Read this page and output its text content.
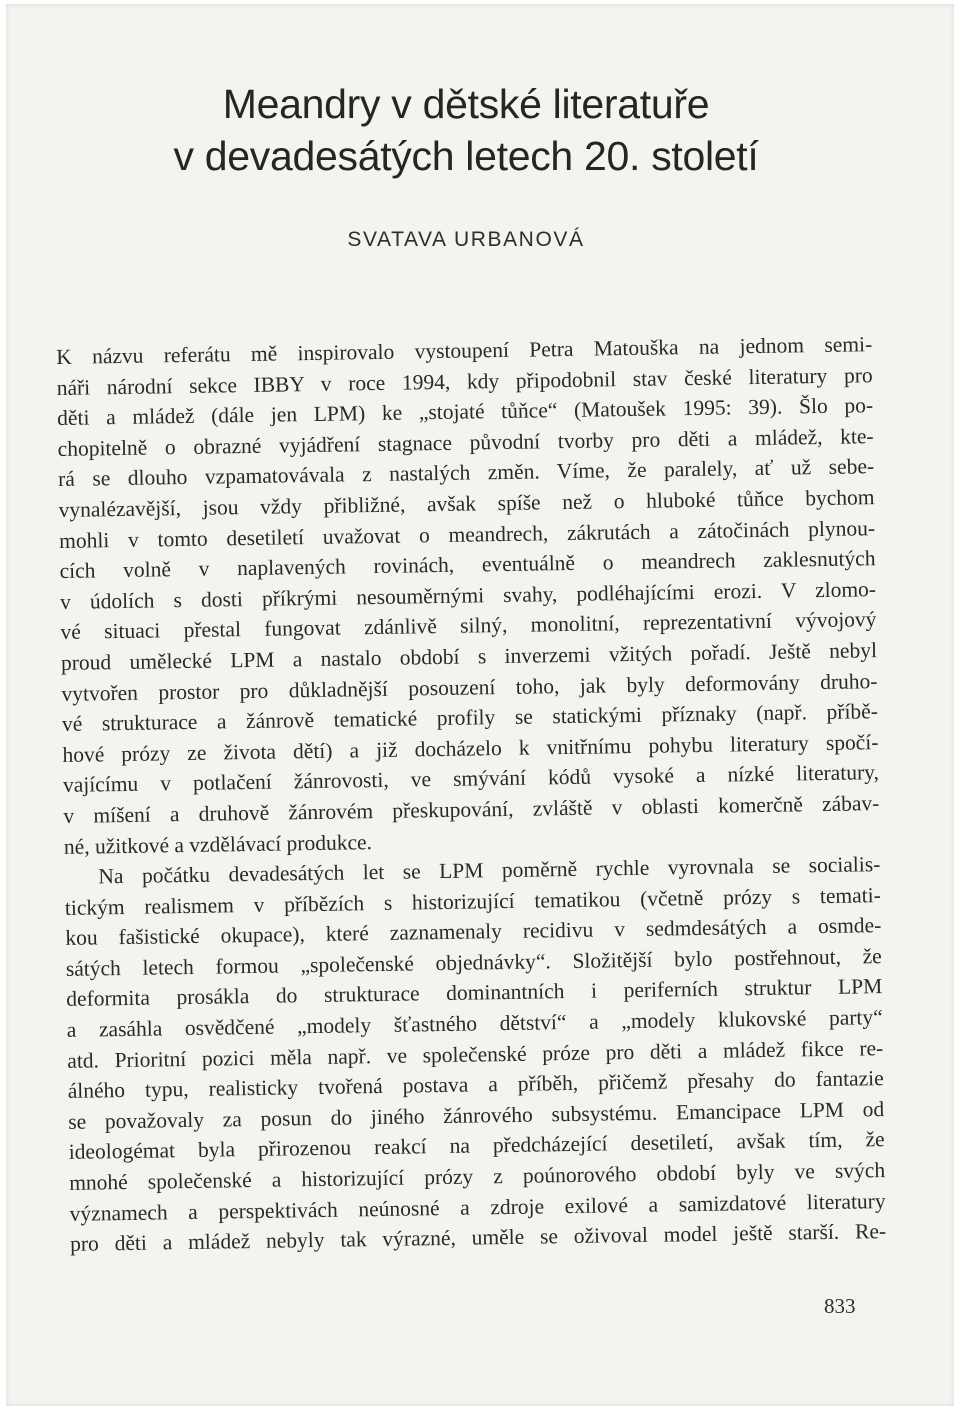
Meandry v dětské literatuře
v devadesátých letech 20. století
SVATAVA URBANOVÁ
K názvu referátu mě inspirovalo vystoupení Petra Matouška na jednom semi-
náři národní sekce IBBY v roce 1994, kdy připodobnil stav české literatury pro
děti a mládež (dále jen LPM) ke „stojaté tůňce“ (Matoušek 1995: 39). Šlo po-
chopitelně o obrazné vyjádření stagnace původní tvorby pro děti a mládež, kte-
rá se dlouho vzpamatovávala z nastalých změn. Víme, že paralely, ať už sebe-
vynalézavější, jsou vždy přibližné, avšak spíše než o hluboké tůňce bychom
mohli v tomto desetiletí uvažovat o meandrech, zákrutách a zátočinách plynou-
cích volně v naplavených rovinách, eventuálně o meandrech zaklesnutých
v údolích s dosti příkrými nesouměrnými svahy, podléhajícími erozi. V zlomo-
vé situaci přestal fungovat zdánlivě silný, monolitní, reprezentativní vývojový
proud umělecké LPM a nastalo období s inverzemi vžitých pořadí. Ještě nebyl
vytvořen prostor pro důkladnější posouzení toho, jak byly deformovány druho-
vé strukturace a žánrově tematické profily se statickými příznaky (např. příbě-
hové prózy ze života dětí) a již docházelo k vnitřnímu pohybu literatury spočí-
vajícímu v potlačení žánrovosti, ve smývání kódů vysoké a nízké literatury,
v míšení a druhově žánrovém přeskupování, zvláště v oblasti komerčně zábav-
né, užitkové a vzdělávací produkce.
Na počátku devadesátých let se LPM poměrně rychle vyrovnala se socialis-
tickým realismem v příbězích s historizující tematikou (včetně prózy s temati-
kou fašistické okupace), které zaznamenaly recidivu v sedmdesátých a osmde-
sátých letech formou „společenské objednávky“. Složitější bylo postřehnout, že
deformita prosákla do strukturace dominantních i periferních struktur LPM
a zasáhla osvědčené „modely šťastného dětství“ a „modely klukovské party“
atd. Prioritní pozici měla např. ve společenské próze pro děti a mládež fikce re-
álného typu, realisticky tvořená postava a příběh, přičemž přesahy do fantazie
se považovaly za posun do jiného žánrového subsystému. Emancipace LPM od
ideologémat byla přirozenou reakcí na předcházející desetiletí, avšak tím, že
mnohé společenské a historizující prózy z poúnorového období byly ve svých
významech a perspektivách neúnosné a zdroje exilové a samizdatové literatury
pro děti a mládež nebyly tak výrazné, uměle se oživoval model ještě starší. Re-
833
